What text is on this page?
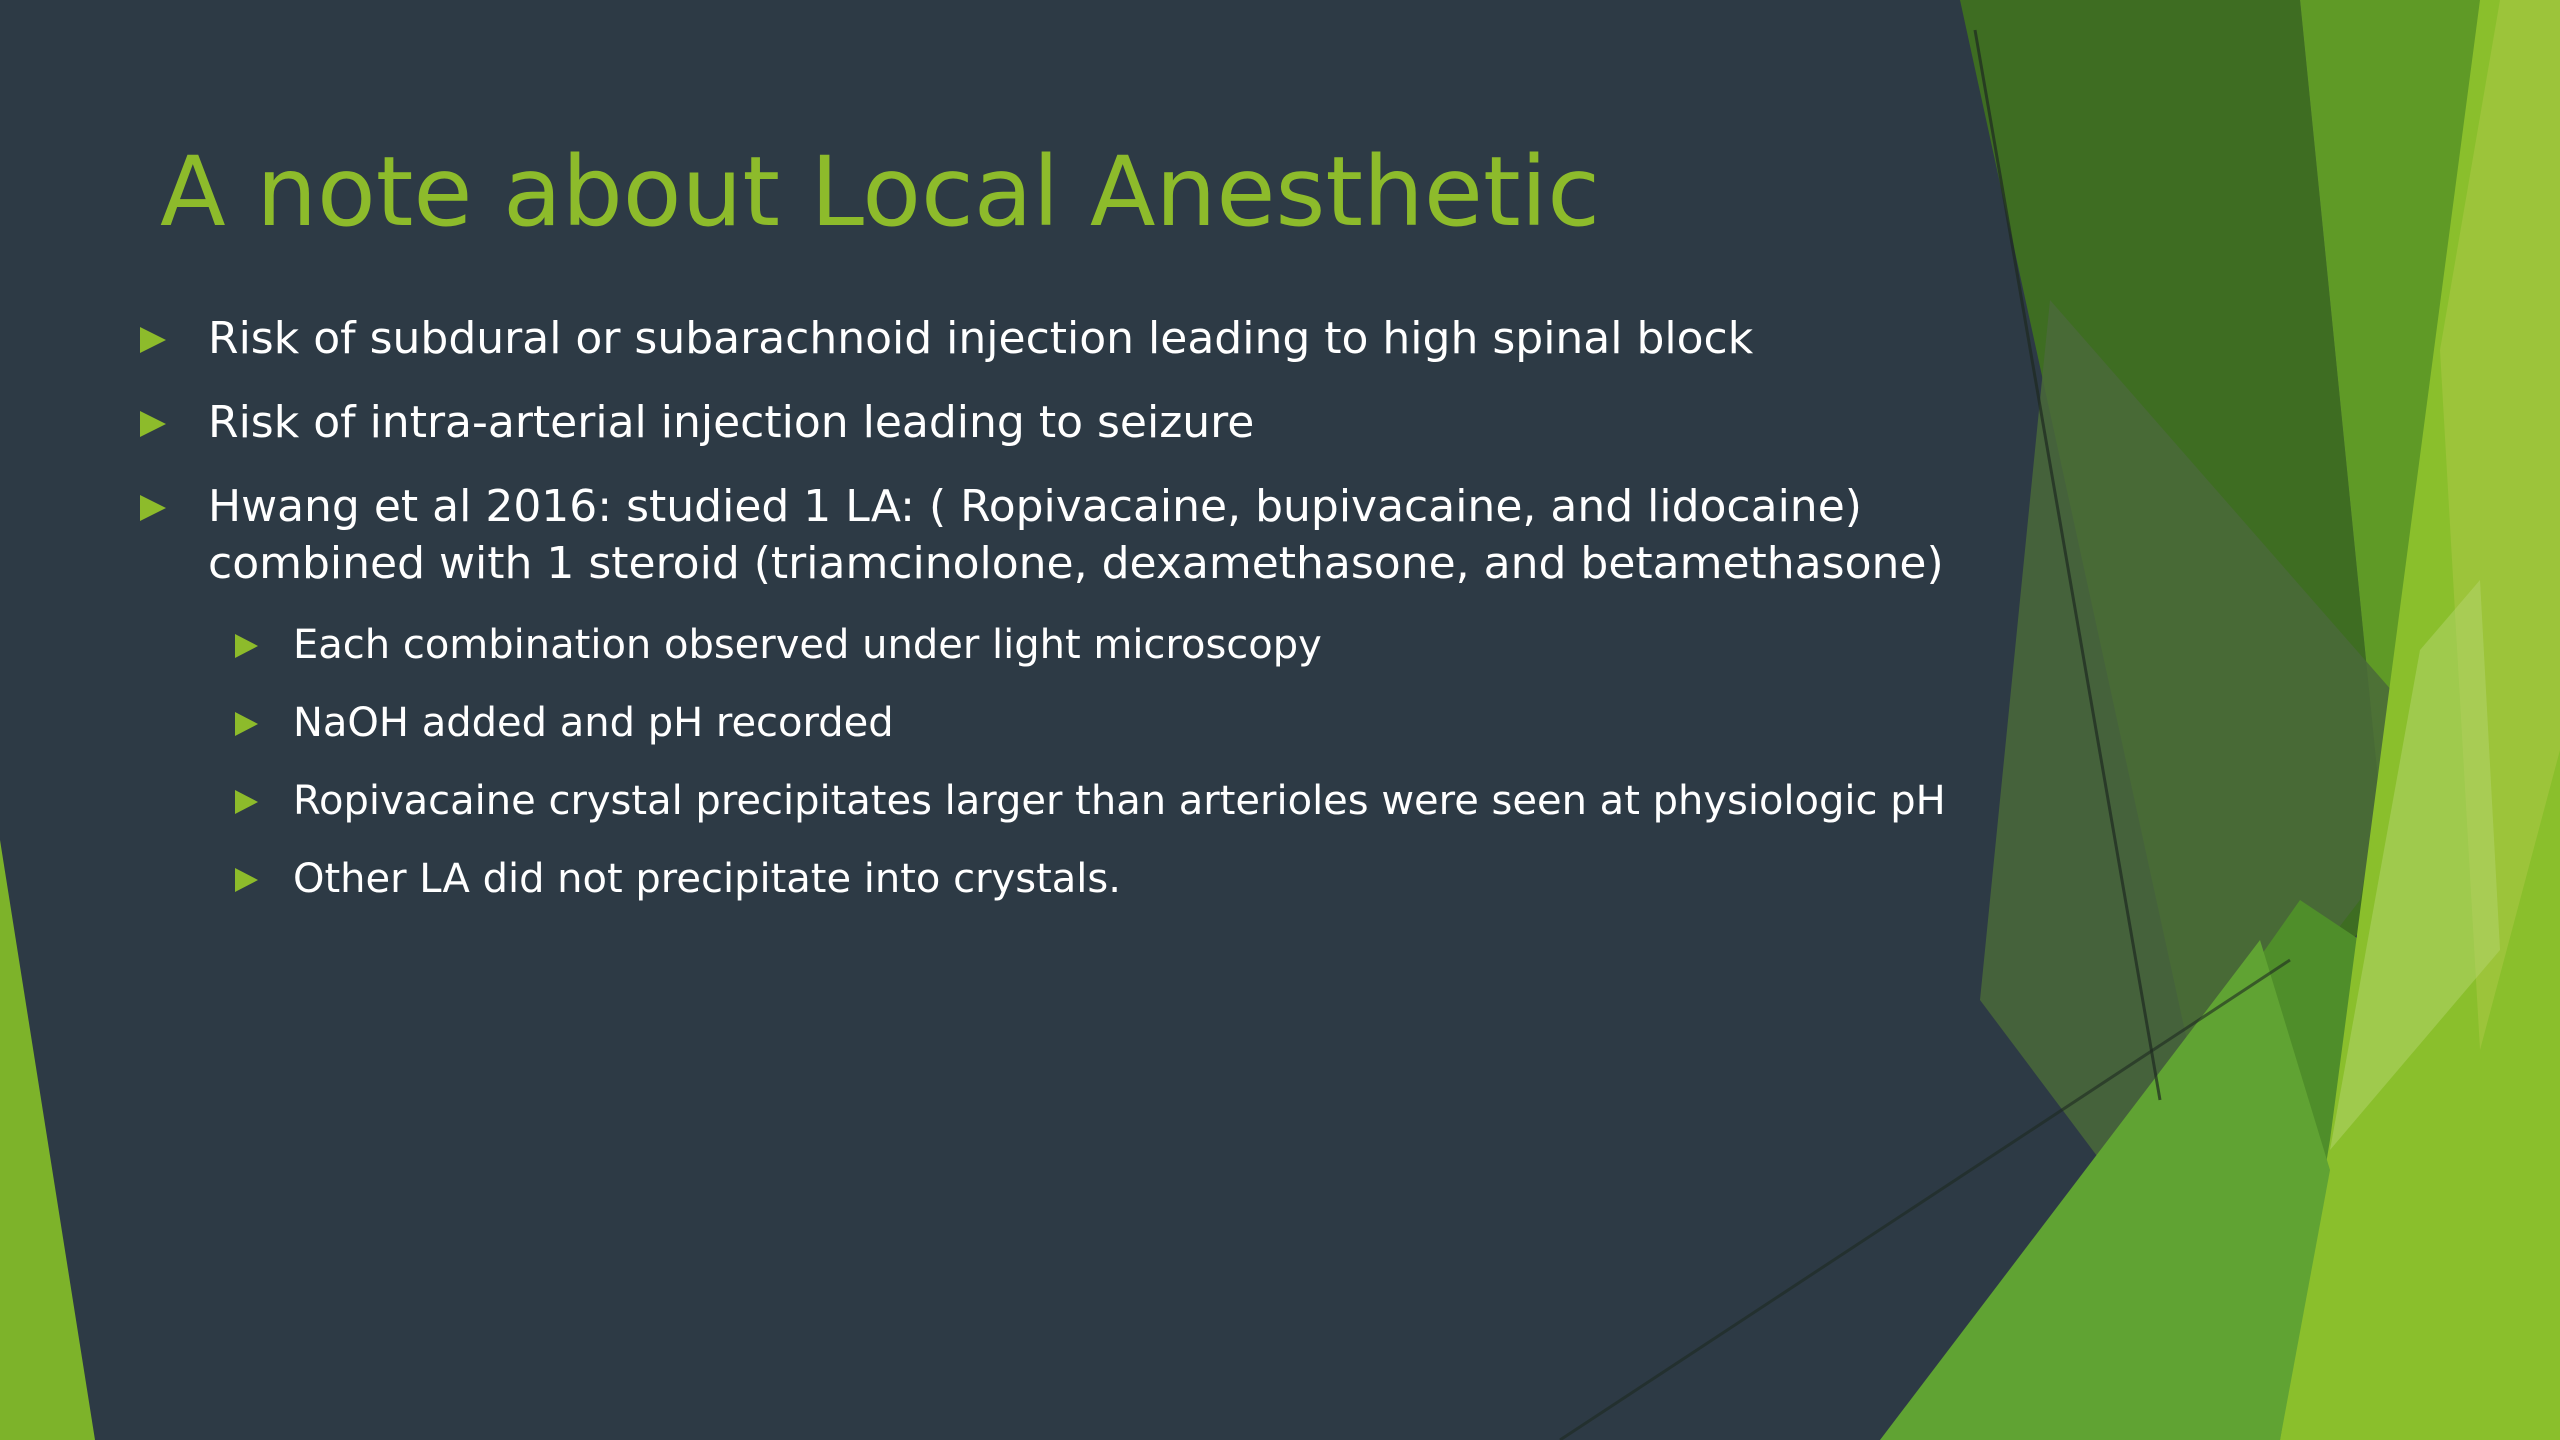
A note about Local Anesthetic
Risk of subdural or subarachnoid injection leading to high spinal block
Risk of intra-arterial injection leading to seizure
Hwang et al 2016: studied 1 LA: ( Ropivacaine, bupivacaine, and lidocaine) combined with 1 steroid (triamcinolone, dexamethasone, and betamethasone)
Each combination observed under light microscopy
NaOH added and pH recorded
Ropivacaine crystal precipitates larger than arterioles were seen at physiologic pH
Other LA did not precipitate into crystals.
